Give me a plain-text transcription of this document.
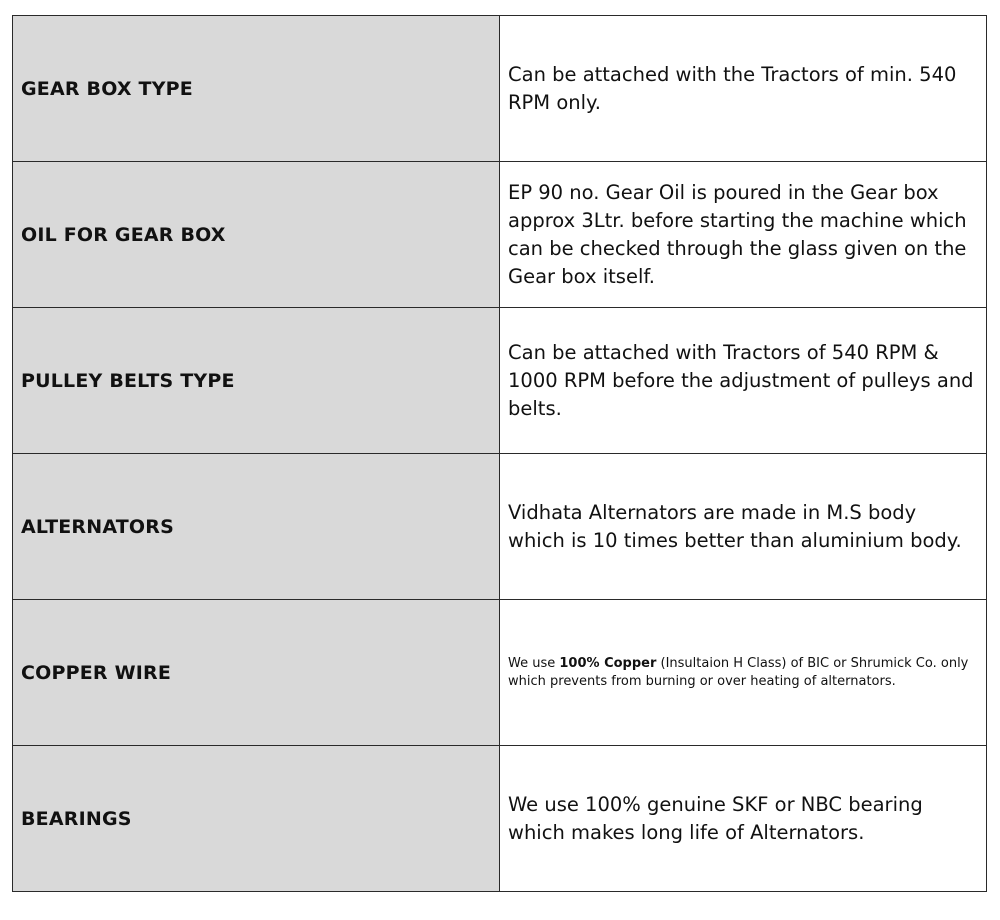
GEAR BOX TYPE	Can be attached with the Tractors of min. 540 RPM only.
OIL FOR GEAR BOX	EP 90 no. Gear Oil is poured in the Gear box approx 3Ltr. before starting the machine which can be checked through the glass given on the Gear box itself.
PULLEY BELTS TYPE	Can be attached with Tractors of 540 RPM & 1000 RPM before the adjustment of pulleys and belts.
ALTERNATORS	Vidhata Alternators are made in M.S body which is 10 times better than aluminium body.
COPPER WIRE	We use 100% Copper (Insultaion H Class) of BIC or Shrumick Co. only which prevents from burning or over heating of alternators.
BEARINGS	We use 100% genuine SKF or NBC bearing which makes long life of Alternators.
